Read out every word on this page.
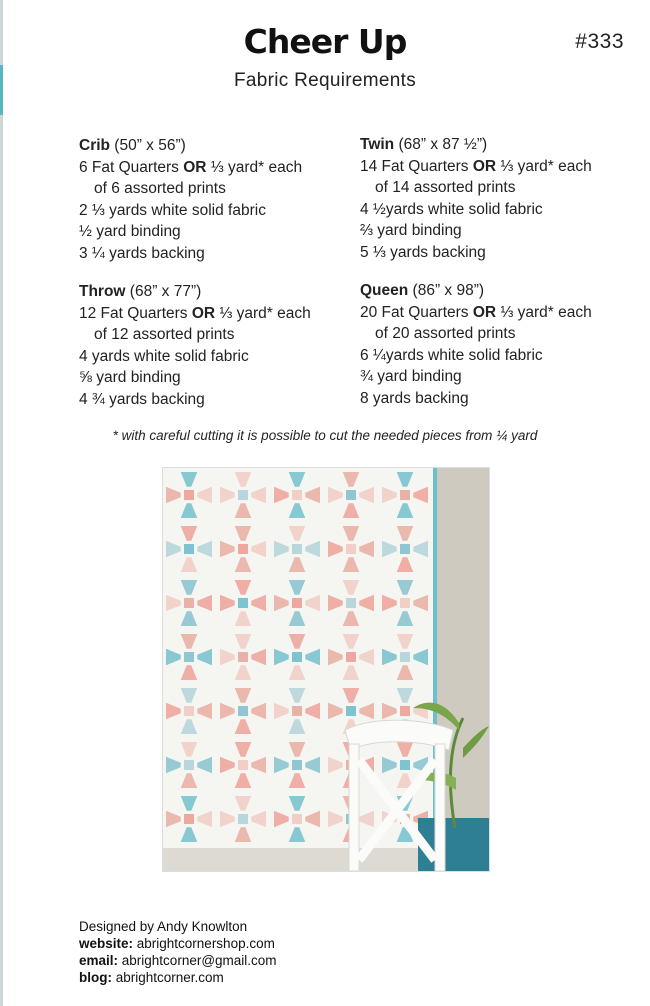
Cheer Up	#333
Fabric Requirements
Crib (50” x 56”)
6 Fat Quarters OR ⅓ yard* each
of 6 assorted prints
2 ⅓ yards white solid fabric
½ yard binding
3 ¼ yards backing
Twin (68” x 87 ½”)
14 Fat Quarters OR ⅓ yard* each
of 14 assorted prints
4 ½yards white solid fabric
⅔ yard binding
5 ⅓ yards backing
Throw (68” x 77”)
12 Fat Quarters OR ⅓ yard* each
of 12 assorted prints
4 yards white solid fabric
⅝ yard binding
4 ¾ yards backing
Queen (86” x 98”)
20 Fat Quarters OR ⅓ yard* each
of 20 assorted prints
6 ¼yards white solid fabric
¾ yard binding
8 yards backing
* with careful cutting it is possible to cut the needed pieces from ¼ yard
Designed by Andy Knowlton
website: abrightcornershop.com
email: abrightcorner@gmail.com
blog: abrightcorner.com
